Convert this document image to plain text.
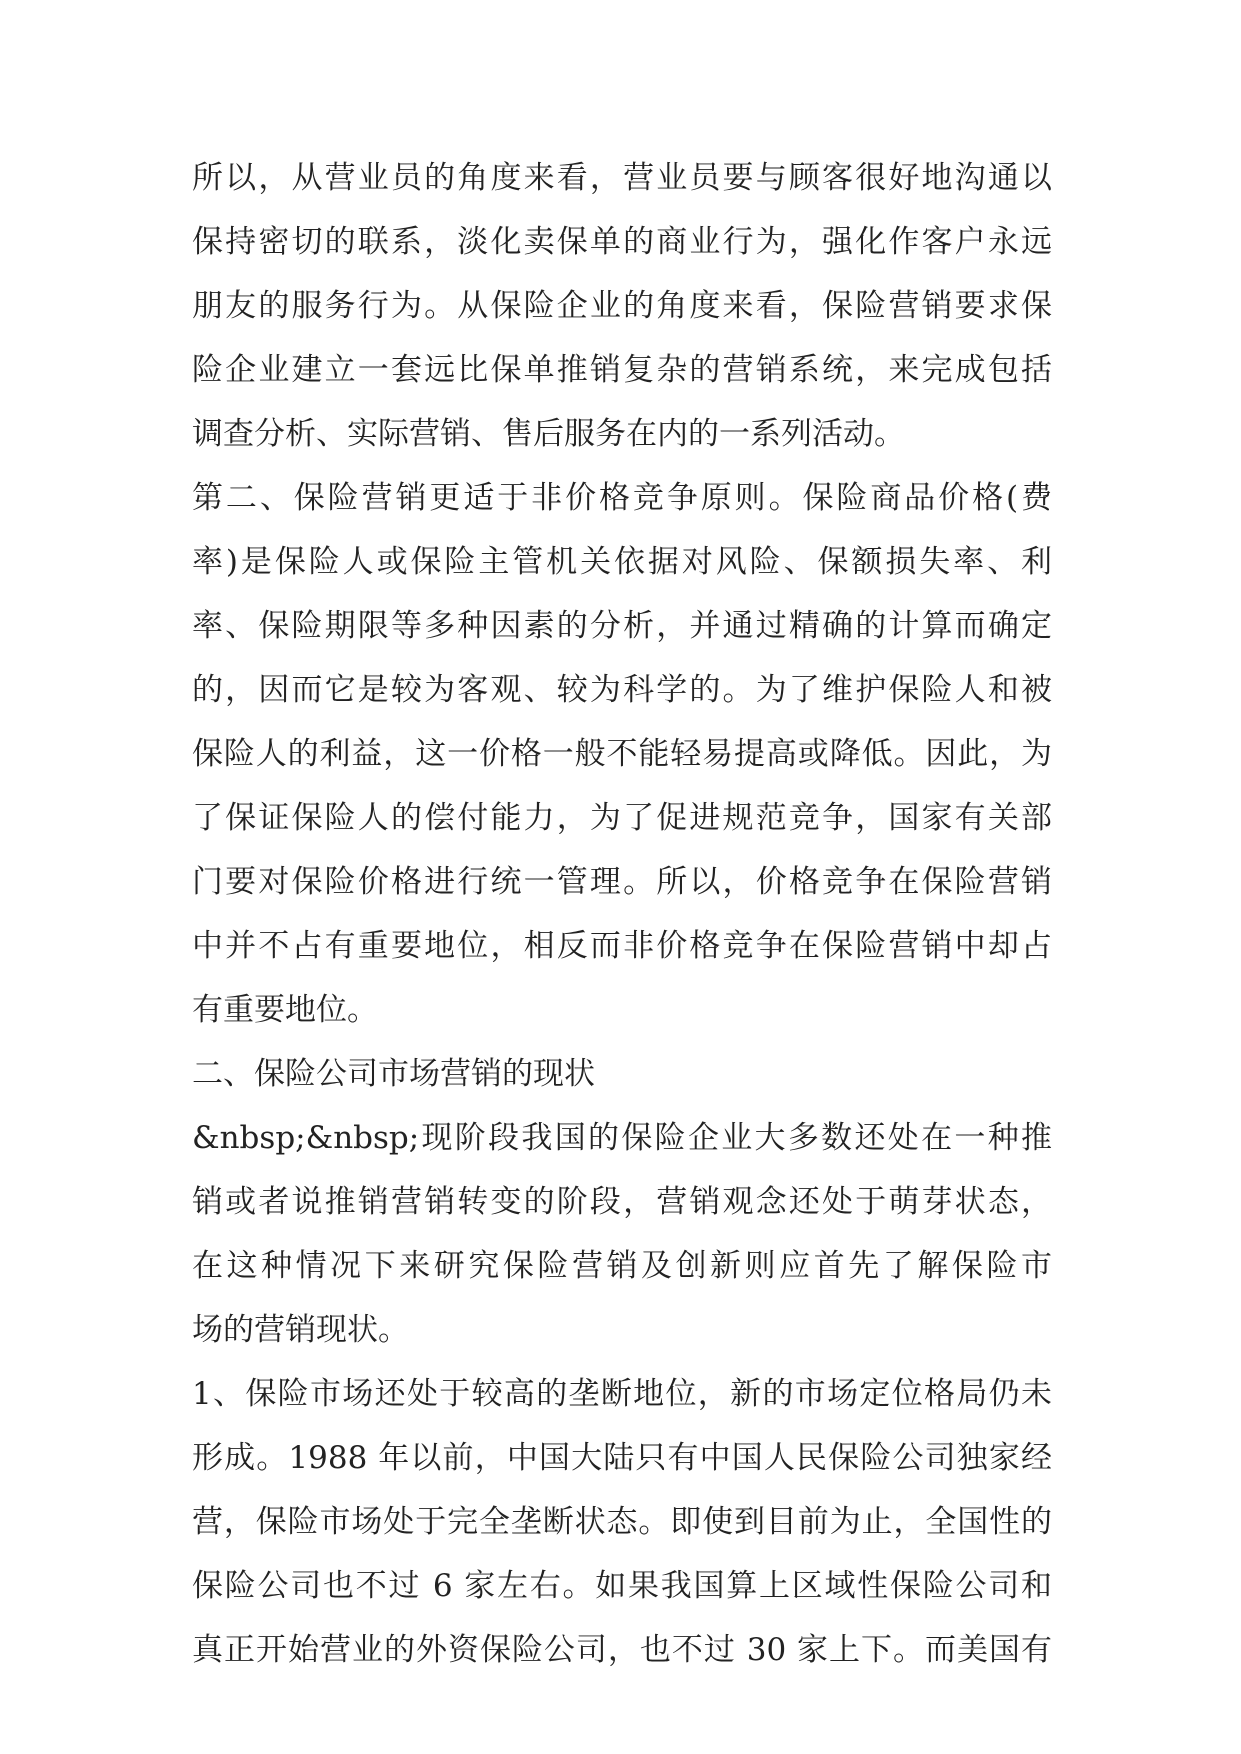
所以，从营业员的角度来看，营业员要与顾客很好地沟通以
保持密切的联系，淡化卖保单的商业行为，强化作客户永远
朋友的服务行为。从保险企业的角度来看，保险营销要求保
险企业建立一套远比保单推销复杂的营销系统，来完成包括
调查分析、实际营销、售后服务在内的一系列活动。
第二、保险营销更适于非价格竞争原则。保险商品价格(费
率)是保险人或保险主管机关依据对风险、保额损失率、利
率、保险期限等多种因素的分析，并通过精确的计算而确定
的，因而它是较为客观、较为科学的。为了维护保险人和被
保险人的利益，这一价格一般不能轻易提高或降低。因此，为
了保证保险人的偿付能力，为了促进规范竞争，国家有关部
门要对保险价格进行统一管理。所以，价格竞争在保险营销
中并不占有重要地位，相反而非价格竞争在保险营销中却占
有重要地位。
二、保险公司市场营销的现状
&nbsp;&nbsp;现阶段我国的保险企业大多数还处在一种推
销或者说推销营销转变的阶段，营销观念还处于萌芽状态，
在这种情况下来研究保险营销及创新则应首先了解保险市
场的营销现状。
1、保险市场还处于较高的垄断地位，新的市场定位格局仍未
形成。1988 年以前，中国大陆只有中国人民保险公司独家经
营，保险市场处于完全垄断状态。即使到目前为止，全国性的
保险公司也不过 6 家左右。如果我国算上区域性保险公司和
真正开始营业的外资保险公司，也不过 30 家上下。而美国有
